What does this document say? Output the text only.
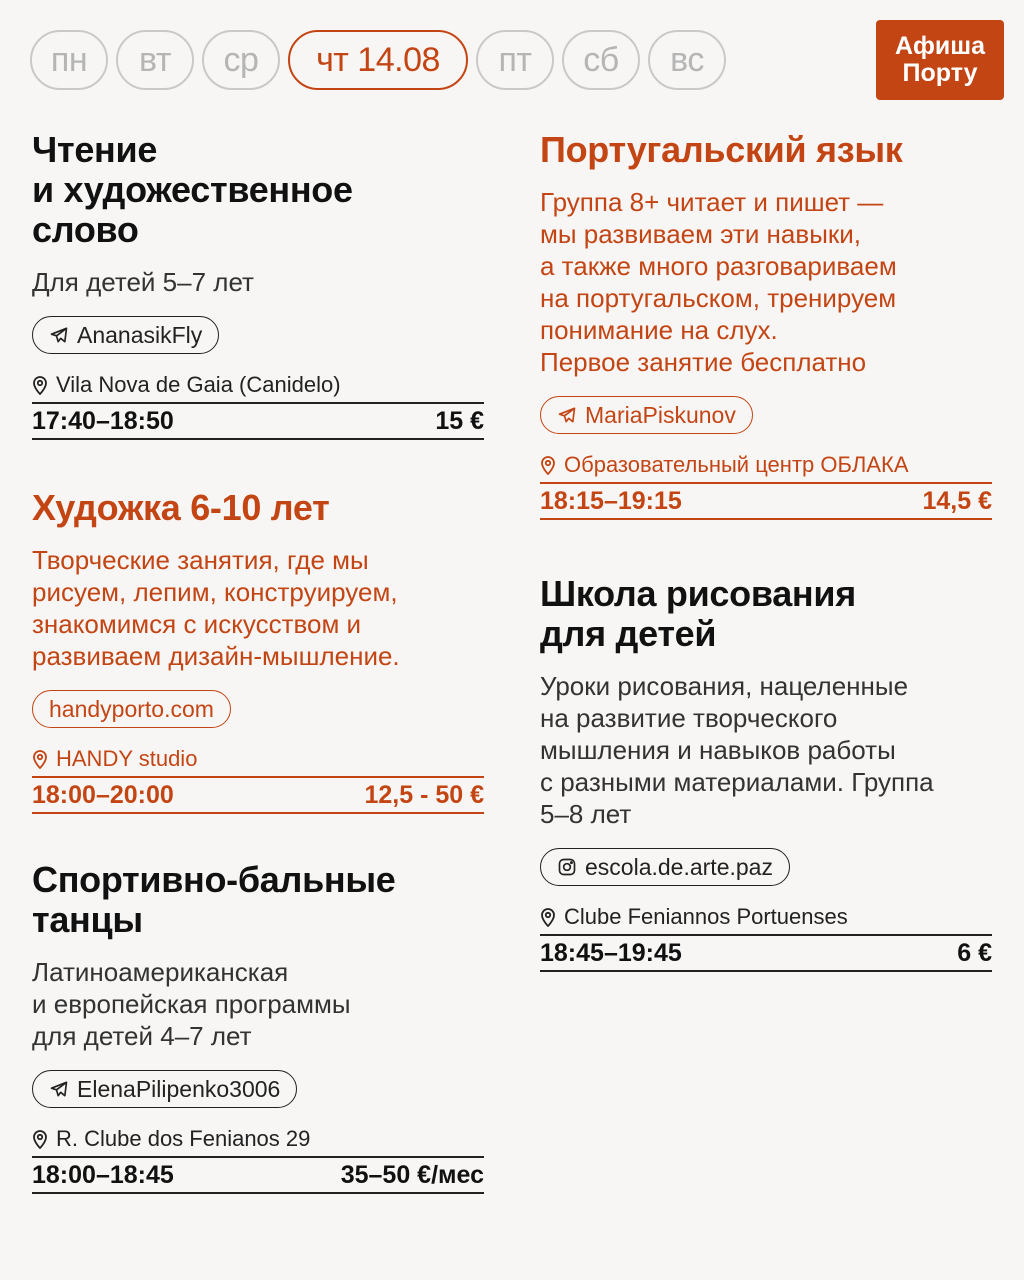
пн	вт	ср	чт 14.08	пт	сб	вс	Афиша
Порту
Чтение
и художественное
слово
Для детей 5–7 лет
AnanasikFly
Vila Nova de Gaia (Canidelo)
17:40–18:50	15 €
Художка 6-10 лет
Творческие занятия, где мы
рисуем, лепим, конструируем,
знакомимся с искусством и
развиваем дизайн-мышление.
handyporto.com
HANDY studio
18:00–20:00	12,5 - 50 €
Спортивно-бальные
танцы
Латиноамериканская
и европейская программы
для детей 4–7 лет
ElenaPilipenko3006
R. Clube dos Fenianos 29
18:00–18:45	35–50 €/мес
Португальский язык
Группа 8+ читает и пишет —
мы развиваем эти навыки,
а также много разговариваем
на португальском, тренируем
понимание на слух.
Первое занятие бесплатно
MariaPiskunov
Образовательный центр ОБЛАКА
18:15–19:15	14,5 €
Школа рисования
для детей
Уроки рисования, нацеленные
на развитие творческого
мышления и навыков работы
с разными материалами. Группа
5–8 лет
escola.de.arte.paz
Clube Feniannos Portuenses
18:45–19:45	6 €
